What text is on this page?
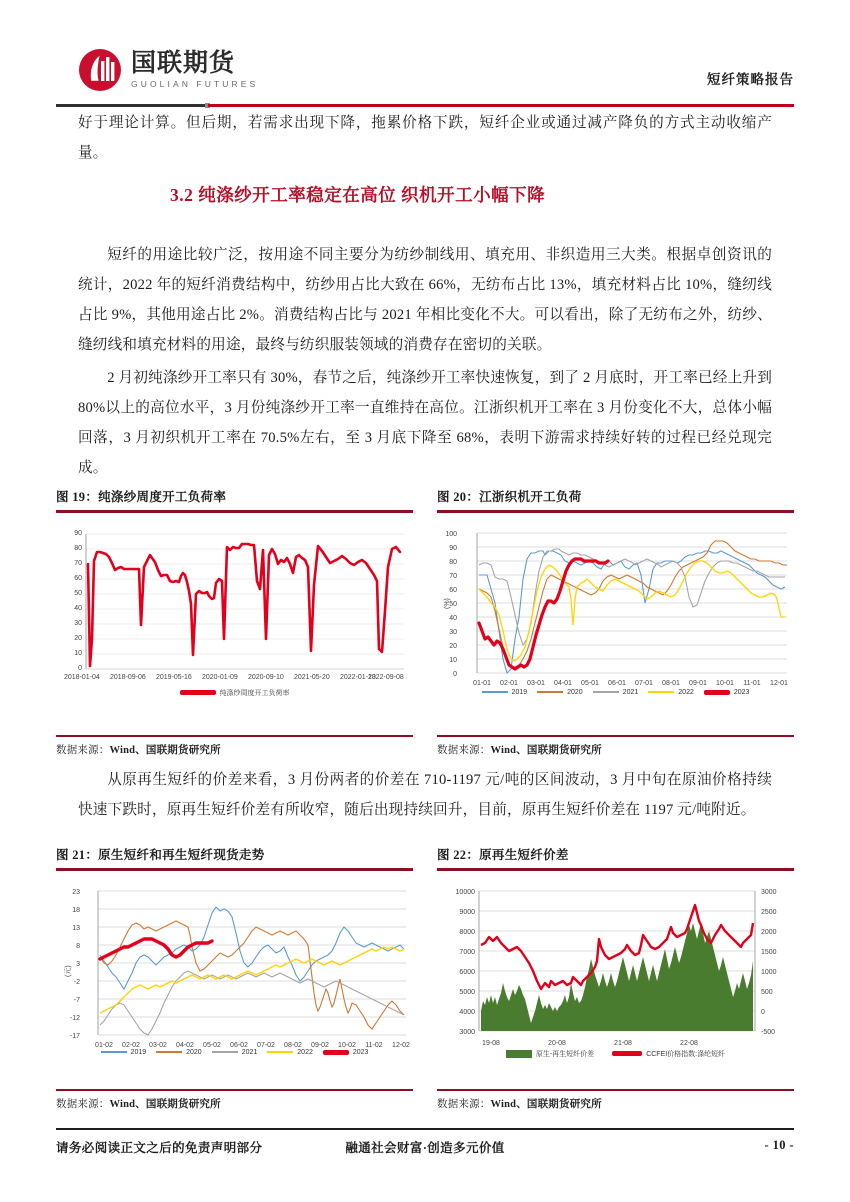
国联期货
GUOLIAN FUTURES	短纤策略报告
好于理论计算。但后期，若需求出现下降，拖累价格下跌，短纤企业或通过减产降负的方式主动收缩产量。
3.2 纯涤纱开工率稳定在高位 织机开工小幅下降
短纤的用途比较广泛，按用途不同主要分为纺纱制线用、填充用、非织造用三大类。根据卓创资讯的统计，2022 年的短纤消费结构中，纺纱用占比大致在 66%，无纺布占比 13%，填充材料占比 10%，缝纫线占比 9%，其他用途占比 2%。消费结构占比与 2021 年相比变化不大。可以看出，除了无纺布之外，纺纱、缝纫线和填充材料的用途，最终与纺织服装领域的消费存在密切的关联。
2 月初纯涤纱开工率只有 30%，春节之后，纯涤纱开工率快速恢复，到了 2 月底时，开工率已经上升到 80%以上的高位水平，3 月份纯涤纱开工率一直维持在高位。江浙织机开工率在 3 月份变化不大，总体小幅回落，3 月初织机开工率在 70.5%左右，至 3 月底下降至 68%，表明下游需求持续好转的过程已经兑现完成。
图 19：纯涤纱周度开工负荷率
90
80
70
60
50
40
30
20
10
0
2018-01-04 2018-09-06 2019-05-16 2020-01-09 2020-09-10 2021-05-20 2022-01-13
2022-09-08
纯涤纱周度开工负荷率
数据来源：Wind、国联期货研究所
图 20：江浙织机开工负荷
100
90
80
70
60
50
40
30
20
10
0
01-01 02-01 03-01 04-01 05-01 06-01 07-01 08-01 09-01 10-01 11-01 12-01
(%)
2019	2020	2021	2022	2023
数据来源：Wind、国联期货研究所
从原再生短纤的价差来看，3 月份两者的价差在 710-1197 元/吨的区间波动，3 月中旬在原油价格持续快速下跌时，原再生短纤价差有所收窄，随后出现持续回升，目前，原再生短纤价差在 1197 元/吨附近。
图 21：原生短纤和再生短纤现货走势
23
18
13
8
3
-2
-7
-12
-17
01-02 02-02 03-02 04-02 05-02 06-02 07-02 08-02 09-02 10-02 11-02 12-02
(元)
2019	2020	2021	2022	2023
数据来源：Wind、国联期货研究所
图 22：原再生短纤价差
10000
9000
8000
7000
6000
5000
4000
3000
3000
2500
2000
1500
1000
500
0
-500
19-08	20-08	21-08	22-08
原生-再生短纤价差	CCFEI价格指数:涤纶短纤
数据来源：Wind、国联期货研究所
请务必阅读正文之后的免责声明部分	融通社会财富·创造多元价值	- 10 -
